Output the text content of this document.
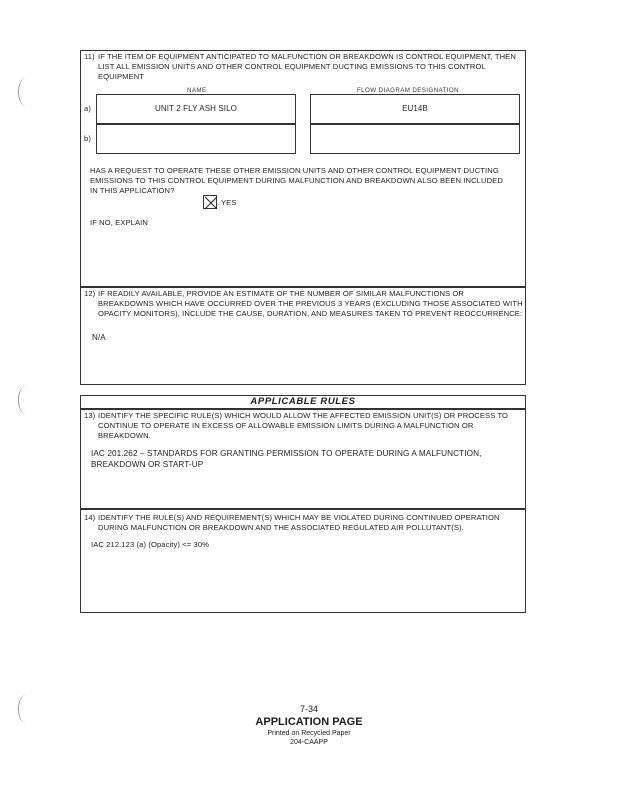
11) IF THE ITEM OF EQUIPMENT ANTICIPATED TO MALFUNCTION OR BREAKDOWN IS CONTROL EQUIPMENT, THEN
LIST ALL EMISSION UNITS AND OTHER CONTROL EQUIPMENT DUCTING EMISSIONS TO THIS CONTROL
EQUIPMENT
NAME	FLOW DIAGRAM DESIGNATION
a)	UNIT 2 FLY ASH SILO	EU14B
b)
HAS A REQUEST TO OPERATE THESE OTHER EMISSION UNITS AND OTHER CONTROL EQUIPMENT DUCTING
EMISSIONS TO THIS CONTROL EQUIPMENT DURING MALFUNCTION AND BREAKDOWN ALSO BEEN INCLUDED
IN THIS APPLICATION?
YES
IF NO, EXPLAIN
12) IF READILY AVAILABLE, PROVIDE AN ESTIMATE OF THE NUMBER OF SIMILAR MALFUNCTIONS OR
BREAKDOWNS WHICH HAVE OCCURRED OVER THE PREVIOUS 3 YEARS (EXCLUDING THOSE ASSOCIATED WITH
OPACITY MONITORS), INCLUDE THE CAUSE, DURATION, AND MEASURES TAKEN TO PREVENT REOCCURRENCE:
N/A
APPLICABLE RULES
13) IDENTIFY THE SPECIFIC RULE(S) WHICH WOULD ALLOW THE AFFECTED EMISSION UNIT(S) OR PROCESS TO
CONTINUE TO OPERATE IN EXCESS OF ALLOWABLE EMISSION LIMITS DURING A MALFUNCTION OR
BREAKDOWN.
IAC 201.262 – STANDARDS FOR GRANTING PERMISSION TO OPERATE DURING A MALFUNCTION,
BREAKDOWN OR START-UP
14) IDENTIFY THE RULE(S) AND REQUIREMENT(S) WHICH MAY BE VIOLATED DURING CONTINUED OPERATION
DURING MALFUNCTION OR BREAKDOWN AND THE ASSOCIATED REGULATED AIR POLLUTANT(S).
IAC 212.123 (a) (Opacity) <= 30%
7-34
APPLICATION PAGE
Printed on Recycled Paper
204-CAAPP
